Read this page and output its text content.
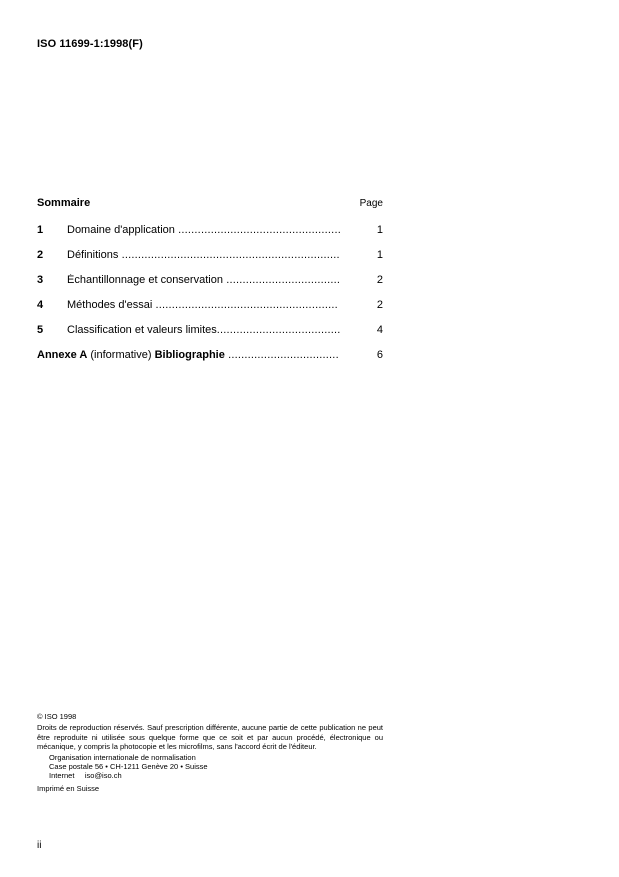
ISO 11699-1:1998(F)
Sommaire	Page
1 Domaine d'application ..................................................	1
2 Définitions ...................................................................	1
3 Échantillonnage et conservation ...................................	2
4 Méthodes d'essai ........................................................	2
5 Classification et valeurs limites......................................	4
Annexe A (informative) Bibliographie ..................................	6

© ISO 1998

Droits de reproduction réservés. Sauf prescription différente, aucune partie de cette publication ne peut être reproduite ni utilisée sous quelque forme que ce soit et par aucun procédé, électronique ou mécanique, y compris la photocopie et les microfilms, sans l'accord écrit de l'éditeur.

Organisation internationale de normalisation

Case postale 56 • CH-1211 Genève 20 • Suisse

Internet iso@iso.ch

Imprimé en Suisse

ii
